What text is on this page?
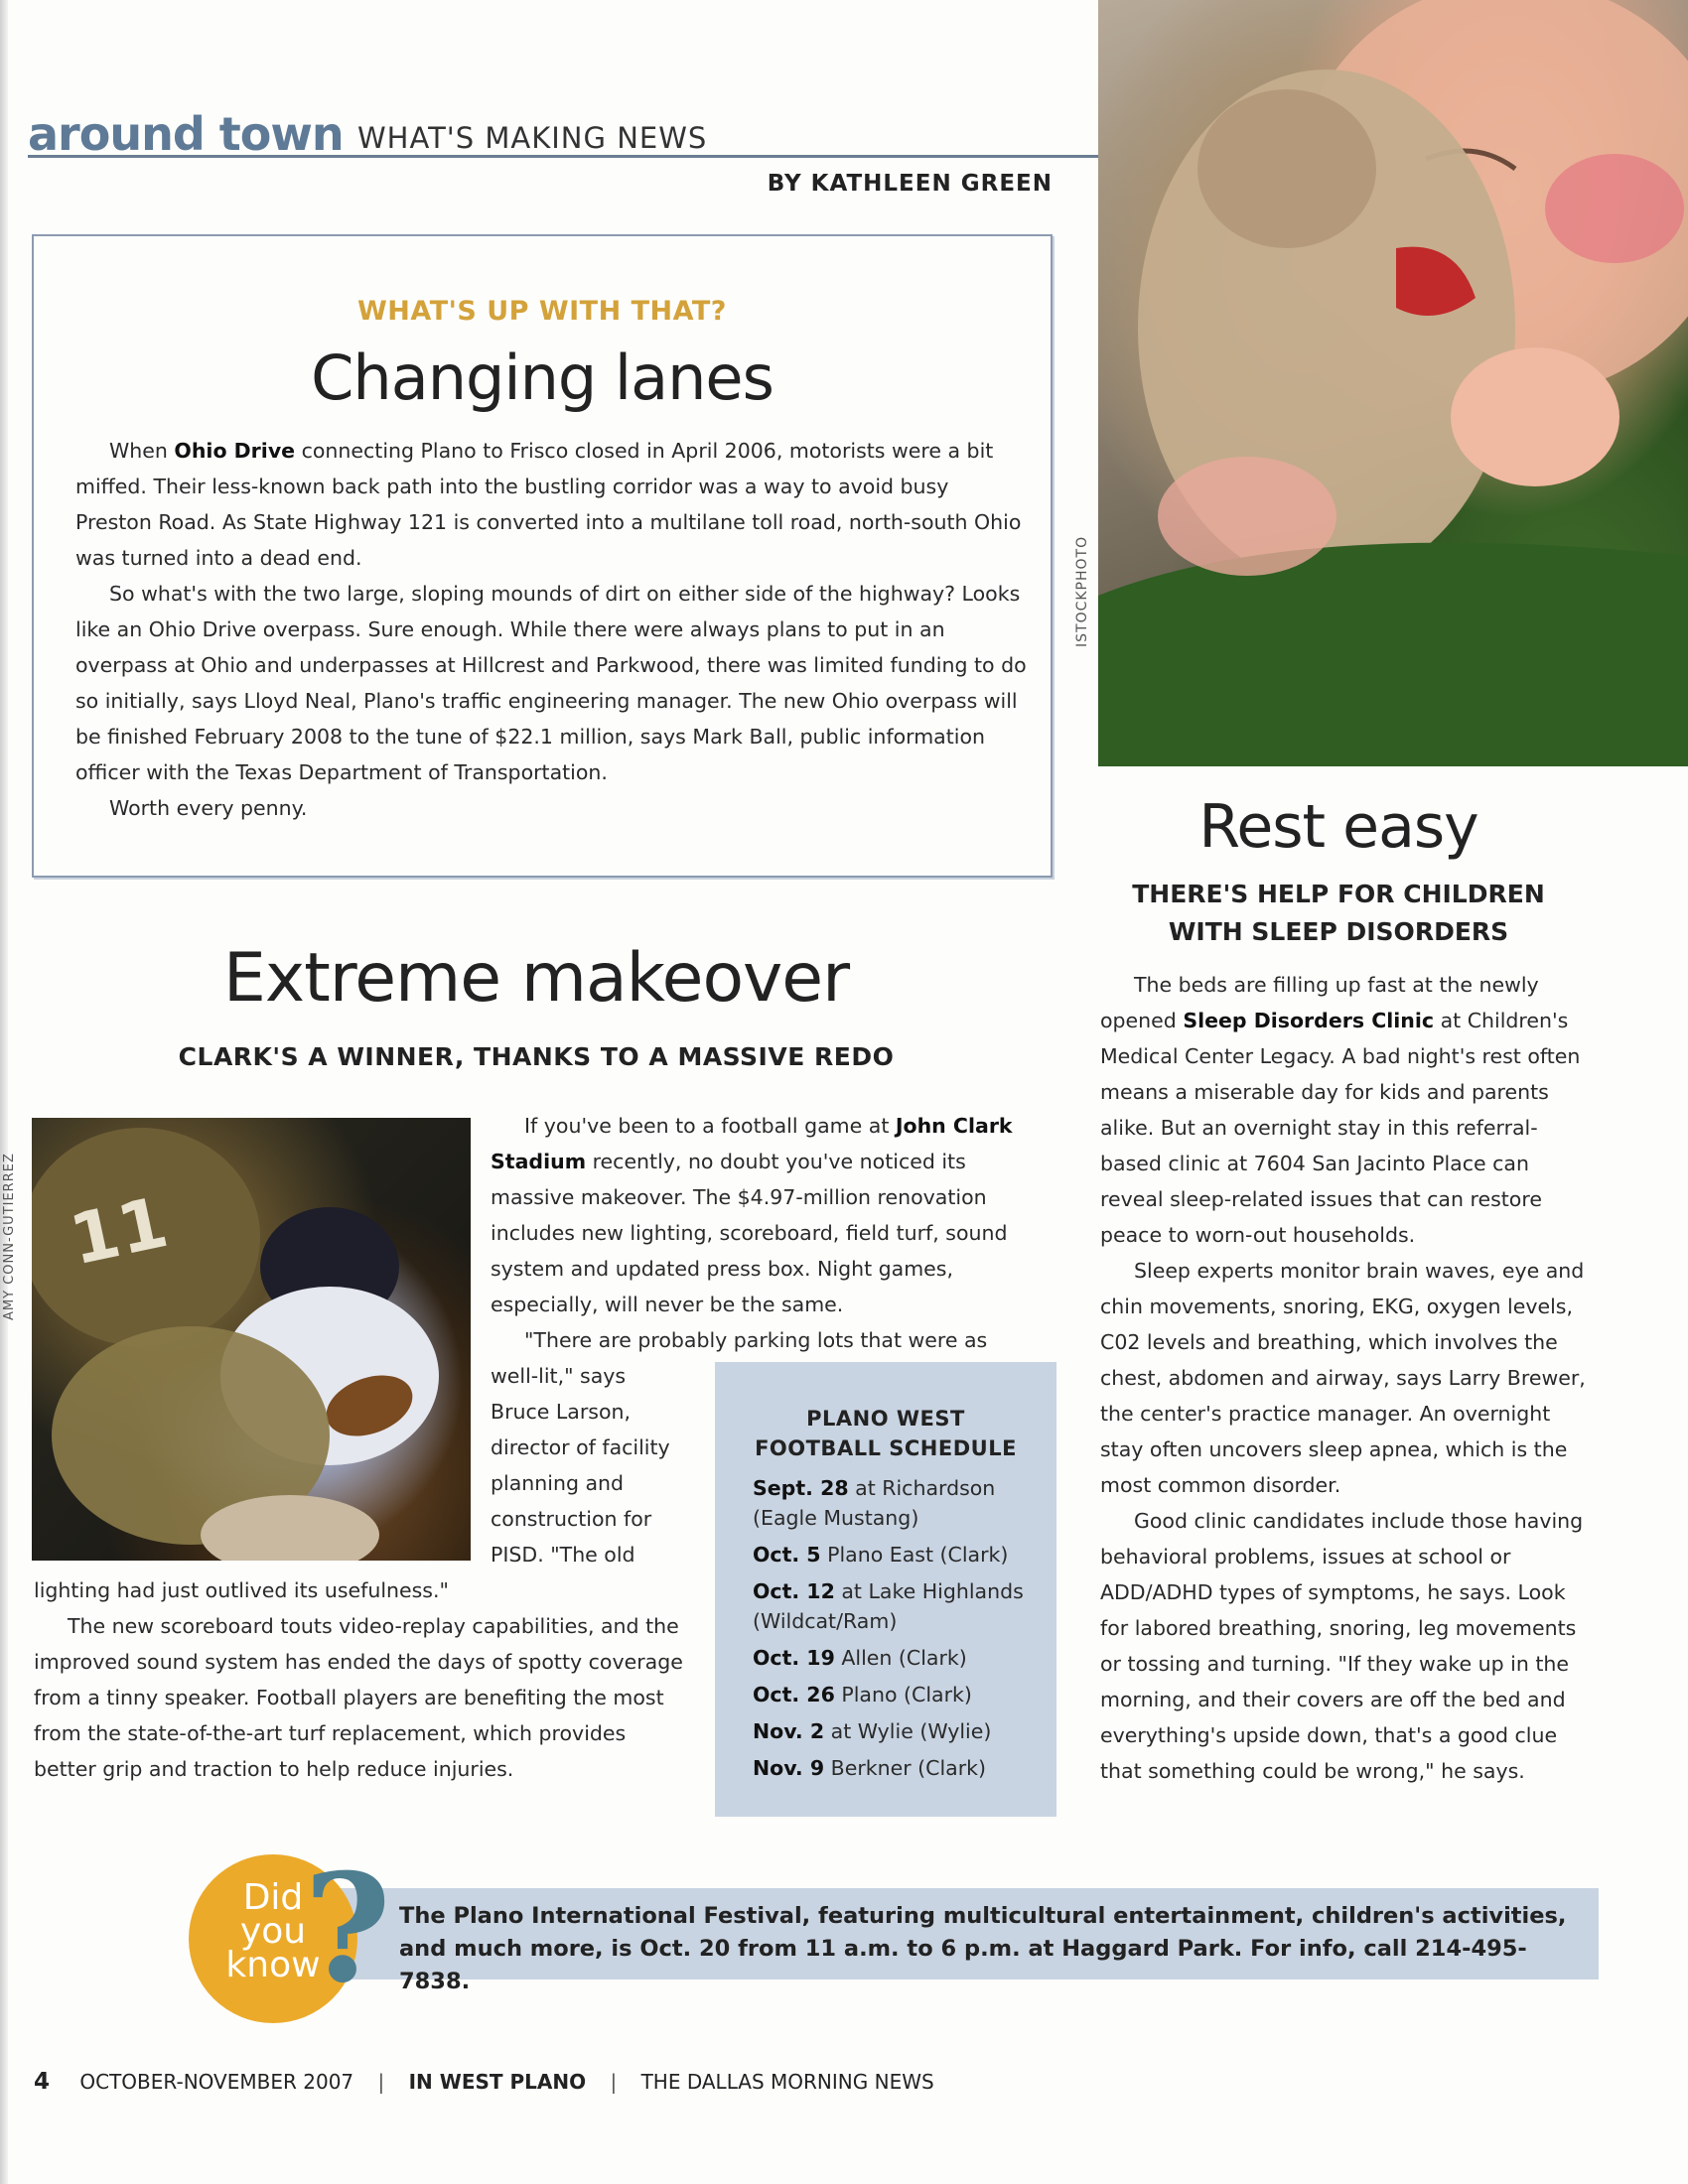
around town WHAT'S MAKING NEWS
BY KATHLEEN GREEN
WHAT'S UP WITH THAT?
Changing lanes

When Ohio Drive connecting Plano to Frisco closed in April 2006, motorists were a bit miffed. Their less-known back path into the bustling corridor was a way to avoid busy Preston Road. As State Highway 121 is converted into a multilane toll road, north-south Ohio was turned into a dead end.

So what's with the two large, sloping mounds of dirt on either side of the highway? Looks like an Ohio Drive overpass. Sure enough. While there were always plans to put in an overpass at Ohio and underpasses at Hillcrest and Parkwood, there was limited funding to do so initially, says Lloyd Neal, Plano's traffic engineering manager. The new Ohio overpass will be finished February 2008 to the tune of $22.1 million, says Mark Ball, public information officer with the Texas Department of Transportation.

Worth every penny.

ISTOCKPHOTO
Rest easy
THERE'S HELP FOR CHILDREN WITH SLEEP DISORDERS

The beds are filling up fast at the newly opened Sleep Disorders Clinic at Children's Medical Center Legacy. A bad night's rest often means a miserable day for kids and parents alike. But an overnight stay in this referral-based clinic at 7604 San Jacinto Place can reveal sleep-related issues that can restore peace to worn-out households.

Sleep experts monitor brain waves, eye and chin movements, snoring, EKG, oxygen levels, C02 levels and breathing, which involves the chest, abdomen and airway, says Larry Brewer, the center's practice manager. An overnight stay often uncovers sleep apnea, which is the most common disorder.

Good clinic candidates include those having behavioral problems, issues at school or ADD/ADHD types of symptoms, he says. Look for labored breathing, snoring, leg movements or tossing and turning. "If they wake up in the morning, and their covers are off the bed and everything's upside down, that's a good clue that something could be wrong," he says.

Extreme makeover
CLARK'S A WINNER, THANKS TO A MASSIVE REDO
11
AMY CONN-GUTIERREZ

If you've been to a football game at John Clark Stadium recently, no doubt you've noticed its massive makeover. The $4.97-million renovation includes new lighting, scoreboard, field turf, sound system and updated press box. Night games, especially, will never be the same.

"There are probably parking lots that were as well-lit," says Bruce Larson, director of facility planning and construction for PISD. "The old lighting had just outlived its usefulness."

The new scoreboard touts video-replay capabilities, and the improved sound system has ended the days of spotty coverage from a tinny speaker. Football players are benefiting the most from the state-of-the-art turf replacement, which provides better grip and traction to help reduce injuries.

PLANO WEST
FOOTBALL SCHEDULE
Sept. 28 at Richardson (Eagle Mustang)
Oct. 5 Plano East (Clark)
Oct. 12 at Lake Highlands (Wildcat/Ram)
Oct. 19 Allen (Clark)
Oct. 26 Plano (Clark)
Nov. 2 at Wylie (Wylie)
Nov. 9 Berkner (Clark)
Did
you
know
? The Plano International Festival, featuring multicultural entertainment, children's activities, and much more, is Oct. 20 from 11 a.m. to 6 p.m. at Haggard Park. For info, call 214-495-7838.
4 OCTOBER-NOVEMBER 2007 | IN WEST PLANO | THE DALLAS MORNING NEWS
